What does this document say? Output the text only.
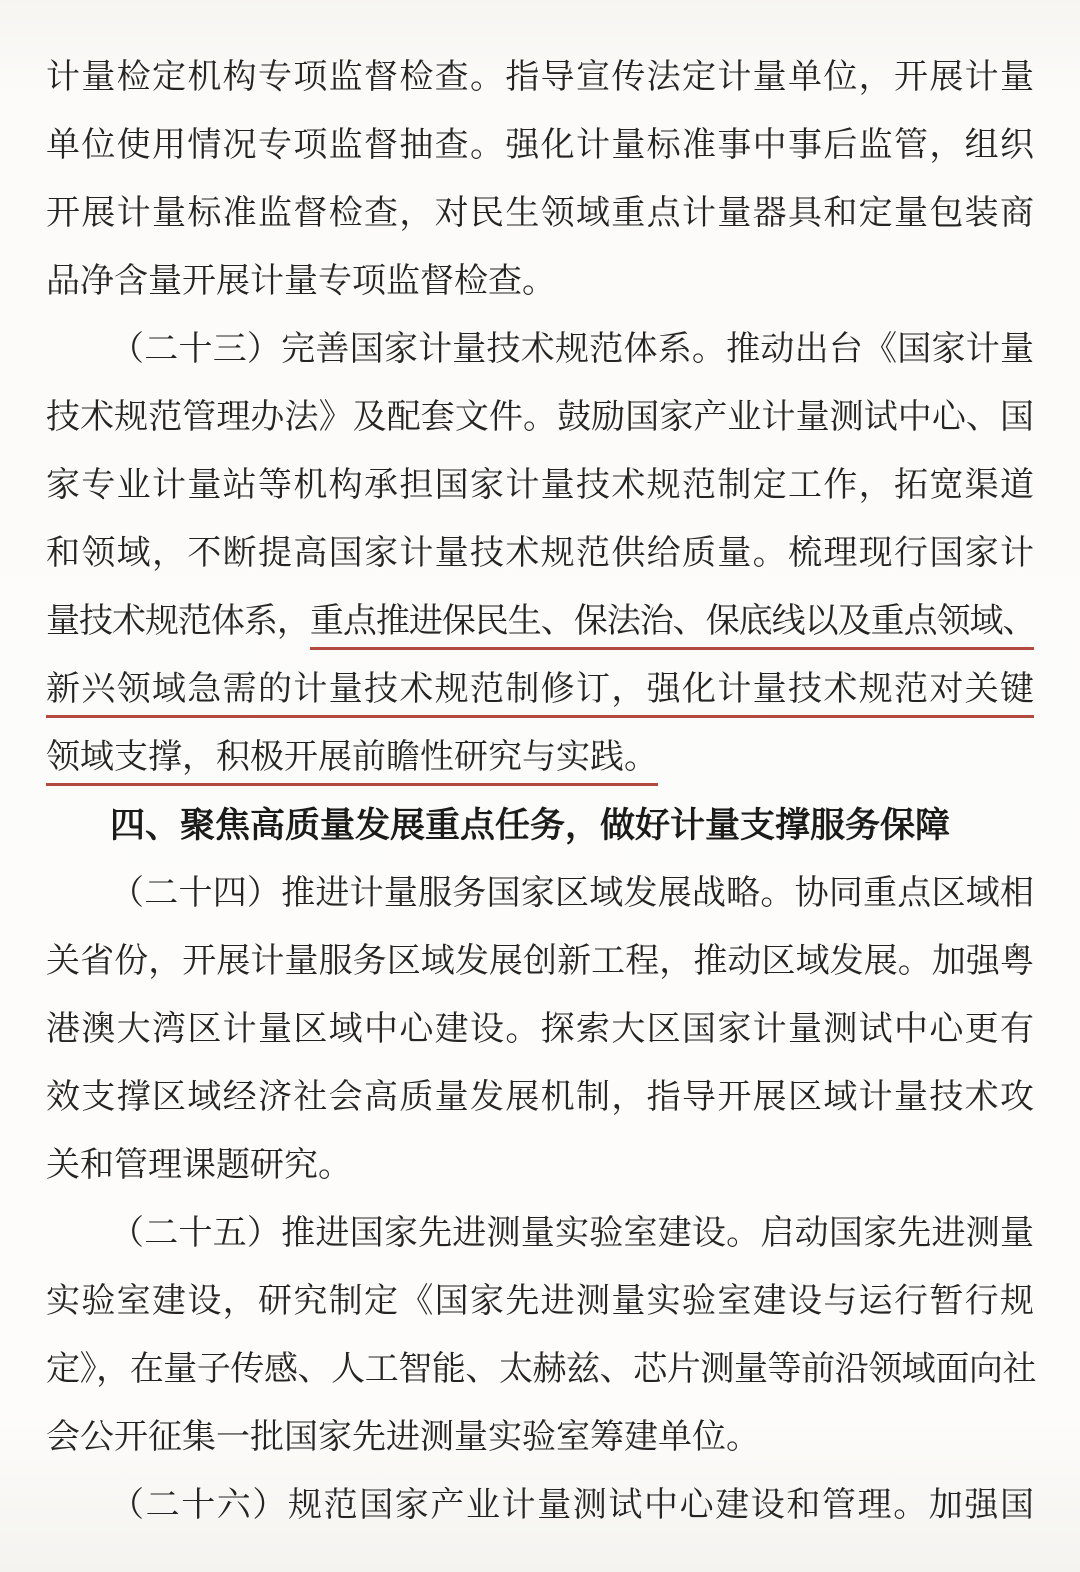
计量检定机构专项监督检查。指导宣传法定计量单位，开展计量
单位使用情况专项监督抽查。强化计量标准事中事后监管，组织
开展计量标准监督检查，对民生领域重点计量器具和定量包装商
品净含量开展计量专项监督检查。
（二十三）完善国家计量技术规范体系。推动出台《国家计量
技术规范管理办法》及配套文件。鼓励国家产业计量测试中心、国
家专业计量站等机构承担国家计量技术规范制定工作，拓宽渠道
和领域，不断提高国家计量技术规范供给质量。梳理现行国家计
量技术规范体系，重点推进保民生、保法治、保底线以及重点领域、
新兴领域急需的计量技术规范制修订，强化计量技术规范对关键
领域支撑，积极开展前瞻性研究与实践。
四、聚焦高质量发展重点任务，做好计量支撑服务保障
（二十四）推进计量服务国家区域发展战略。协同重点区域相
关省份，开展计量服务区域发展创新工程，推动区域发展。加强粤
港澳大湾区计量区域中心建设。探索大区国家计量测试中心更有
效支撑区域经济社会高质量发展机制，指导开展区域计量技术攻
关和管理课题研究。
（二十五）推进国家先进测量实验室建设。启动国家先进测量
实验室建设，研究制定《国家先进测量实验室建设与运行暂行规
定》，在量子传感、人工智能、太赫兹、芯片测量等前沿领域面向社
会公开征集一批国家先进测量实验室筹建单位。
（二十六）规范国家产业计量测试中心建设和管理。加强国
